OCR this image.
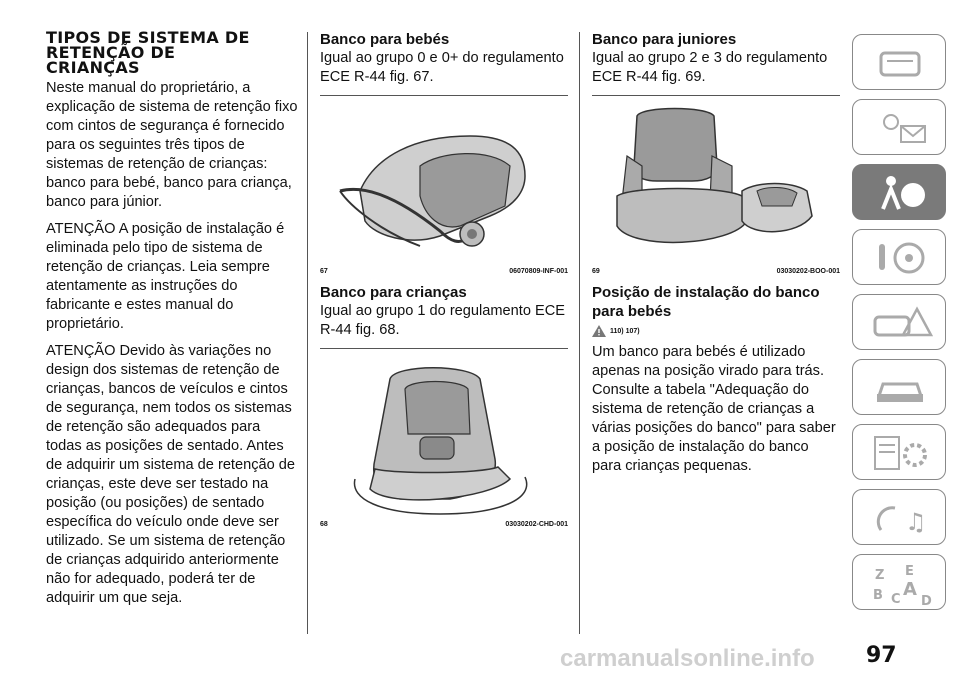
TIPOS DE SISTEMA DE
RETENÇÃO DE
CRIANÇAS

Neste manual do proprietário, a explicação de sistema de retenção fixo com cintos de segurança é fornecido para os seguintes três tipos de sistemas de retenção de crianças: banco para bebé, banco para criança, banco para júnior.

ATENÇÃO A posição de instalação é eliminada pelo tipo de sistema de retenção de crianças. Leia sempre atentamente as instruções do fabricante e estes manual do proprietário.

ATENÇÃO Devido às variações no design dos sistemas de retenção de crianças, bancos de veículos e cintos de segurança, nem todos os sistemas de retenção são adequados para todas as posições de sentado. Antes de adquirir um sistema de retenção de crianças, este deve ser testado na posição (ou posições) de sentado específica do veículo onde deve ser utilizado. Se um sistema de retenção de crianças adquirido anteriormente não for adequado, poderá ter de adquirir um que seja.

Banco para bebés

Igual ao grupo 0 e 0+ do regulamento ECE R-44 fig. 67.

67	06070809-INF-001
Banco para crianças

Igual ao grupo 1 do regulamento ECE R-44 fig. 68.

68	03030202-CHD-001
Banco para juniores

Igual ao grupo 2 e 3 do regulamento ECE R-44 fig. 69.

69	03030202-BOO-001
Posição de instalação do banco para bebés
110) 107)

Um banco para bebés é utilizado apenas na posição virado para trás. Consulte a tabela "Adequação do sistema de retenção de crianças a várias posições do banco" para saber a posição de instalação do banco para crianças pequenas.

♫
Z E
B C A
D
carmanualsonline.info 97
